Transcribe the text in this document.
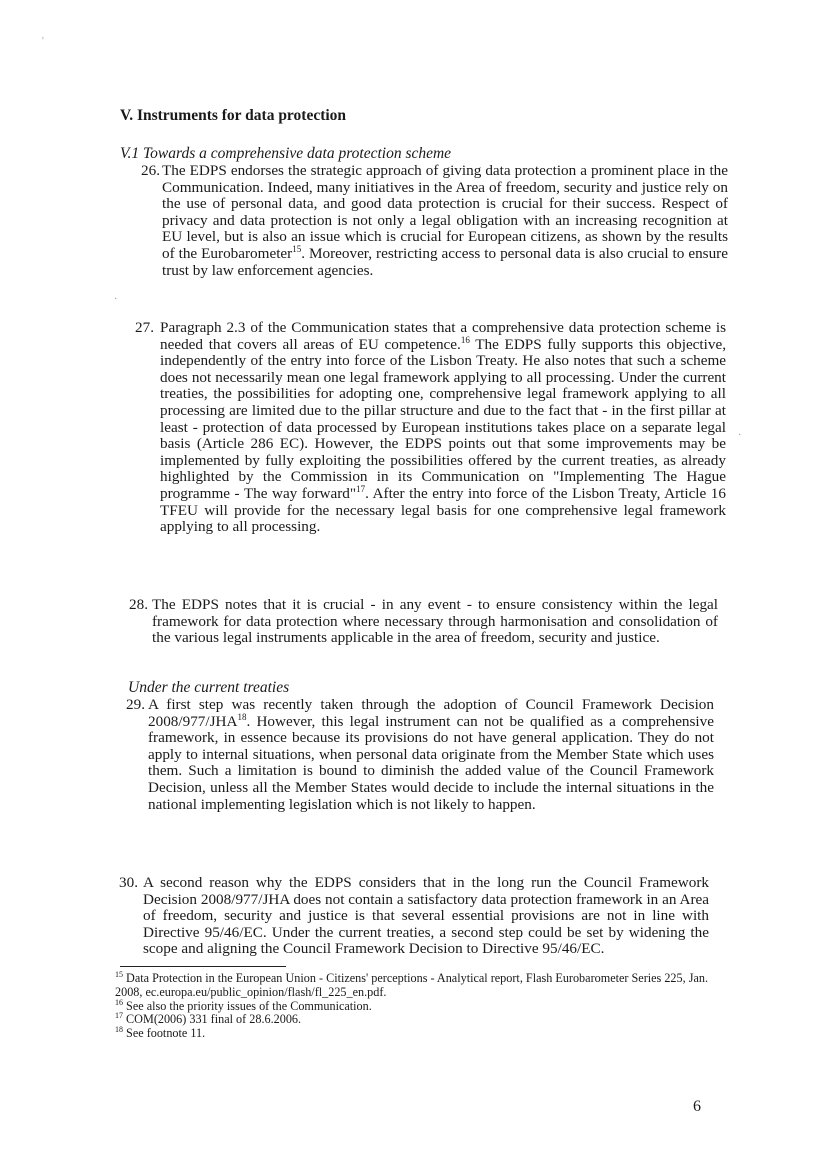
V. Instruments for data protection
V.1 Towards a comprehensive data protection scheme
26. The EDPS endorses the strategic approach of giving data protection a prominent place in the Communication. Indeed, many initiatives in the Area of freedom, security and justice rely on the use of personal data, and good data protection is crucial for their success. Respect of privacy and data protection is not only a legal obligation with an increasing recognition at EU level, but is also an issue which is crucial for European citizens, as shown by the results of the Eurobarometer$^{15}$. Moreover, restricting access to personal data is also crucial to ensure trust by law enforcement agencies.
27. Paragraph 2.3 of the Communication states that a comprehensive data protection scheme is needed that covers all areas of EU competence.$^{16}$ The EDPS fully supports this objective, independently of the entry into force of the Lisbon Treaty. He also notes that such a scheme does not necessarily mean one legal framework applying to all processing. Under the current treaties, the possibilities for adopting one, comprehensive legal framework applying to all processing are limited due to the pillar structure and due to the fact that - in the first pillar at least - protection of data processed by European institutions takes place on a separate legal basis (Article 286 EC). However, the EDPS points out that some improvements may be implemented by fully exploiting the possibilities offered by the current treaties, as already highlighted by the Commission in its Communication on "Implementing The Hague programme - The way forward"$^{17}$. After the entry into force of the Lisbon Treaty, Article 16 TFEU will provide for the necessary legal basis for one comprehensive legal framework applying to all processing.
28. The EDPS notes that it is crucial - in any event - to ensure consistency within the legal framework for data protection where necessary through harmonisation and consolidation of the various legal instruments applicable in the area of freedom, security and justice.
Under the current treaties
29. A first step was recently taken through the adoption of Council Framework Decision 2008/977/JHA$^{18}$. However, this legal instrument can not be qualified as a comprehensive framework, in essence because its provisions do not have general application. They do not apply to internal situations, when personal data originate from the Member State which uses them. Such a limitation is bound to diminish the added value of the Council Framework Decision, unless all the Member States would decide to include the internal situations in the national implementing legislation which is not likely to happen.
30. A second reason why the EDPS considers that in the long run the Council Framework Decision 2008/977/JHA does not contain a satisfactory data protection framework in an Area of freedom, security and justice is that several essential provisions are not in line with Directive 95/46/EC. Under the current treaties, a second step could be set by widening the scope and aligning the Council Framework Decision to Directive 95/46/EC.
$^{15}$ Data Protection in the European Union - Citizens' perceptions - Analytical report, Flash Eurobarometer Series 225, Jan. 2008, ec.europa.eu/public_opinion/flash/fl_225_en.pdf.
$^{16}$ See also the priority issues of the Communication.
$^{17}$ COM(2006) 331 final of 28.6.2006.
$^{18}$ See footnote 11.
6
'
·
·
